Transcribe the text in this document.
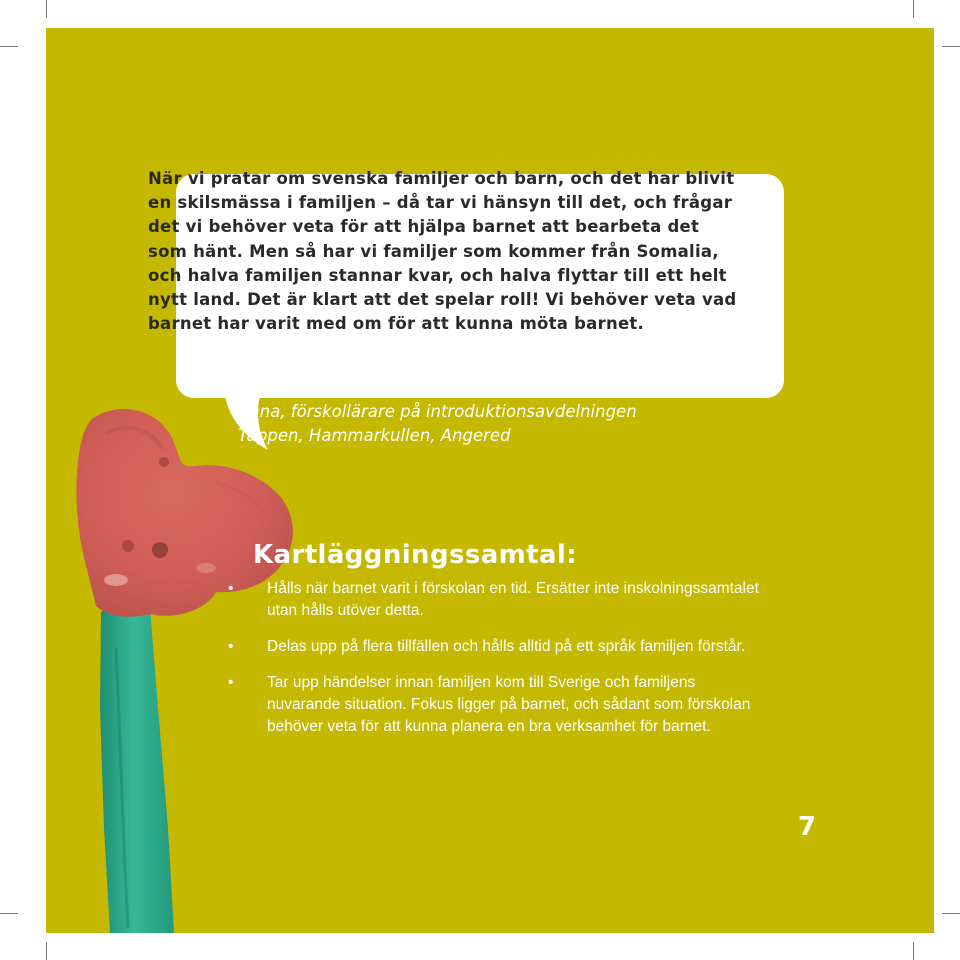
När vi pratar om svenska familjer och barn, och det har blivit en skilsmässa i familjen – då tar vi hänsyn till det, och frågar det vi behöver veta för att hjälpa barnet att bearbeta det som hänt. Men så har vi familjer som kommer från Somalia, och halva familjen stannar kvar, och halva flyttar till ett helt nytt land. Det är klart att det spelar roll! Vi behöver veta vad barnet har varit med om för att kunna möta barnet.

Anna, förskollärare på introduktionsavdelningen
Tuppen, Hammarkullen, Angered
Kartläggningssamtal:
• Hålls när barnet varit i förskolan en tid. Ersätter inte inskolningssamtalet utan hålls utöver detta.
• Delas upp på flera tillfällen och hålls alltid på ett språk familjen förstår.
• Tar upp händelser innan familjen kom till Sverige och familjens nuvarande situation. Fokus ligger på barnet, och sådant som förskolan behöver veta för att kunna planera en bra verksamhet för barnet.
7
